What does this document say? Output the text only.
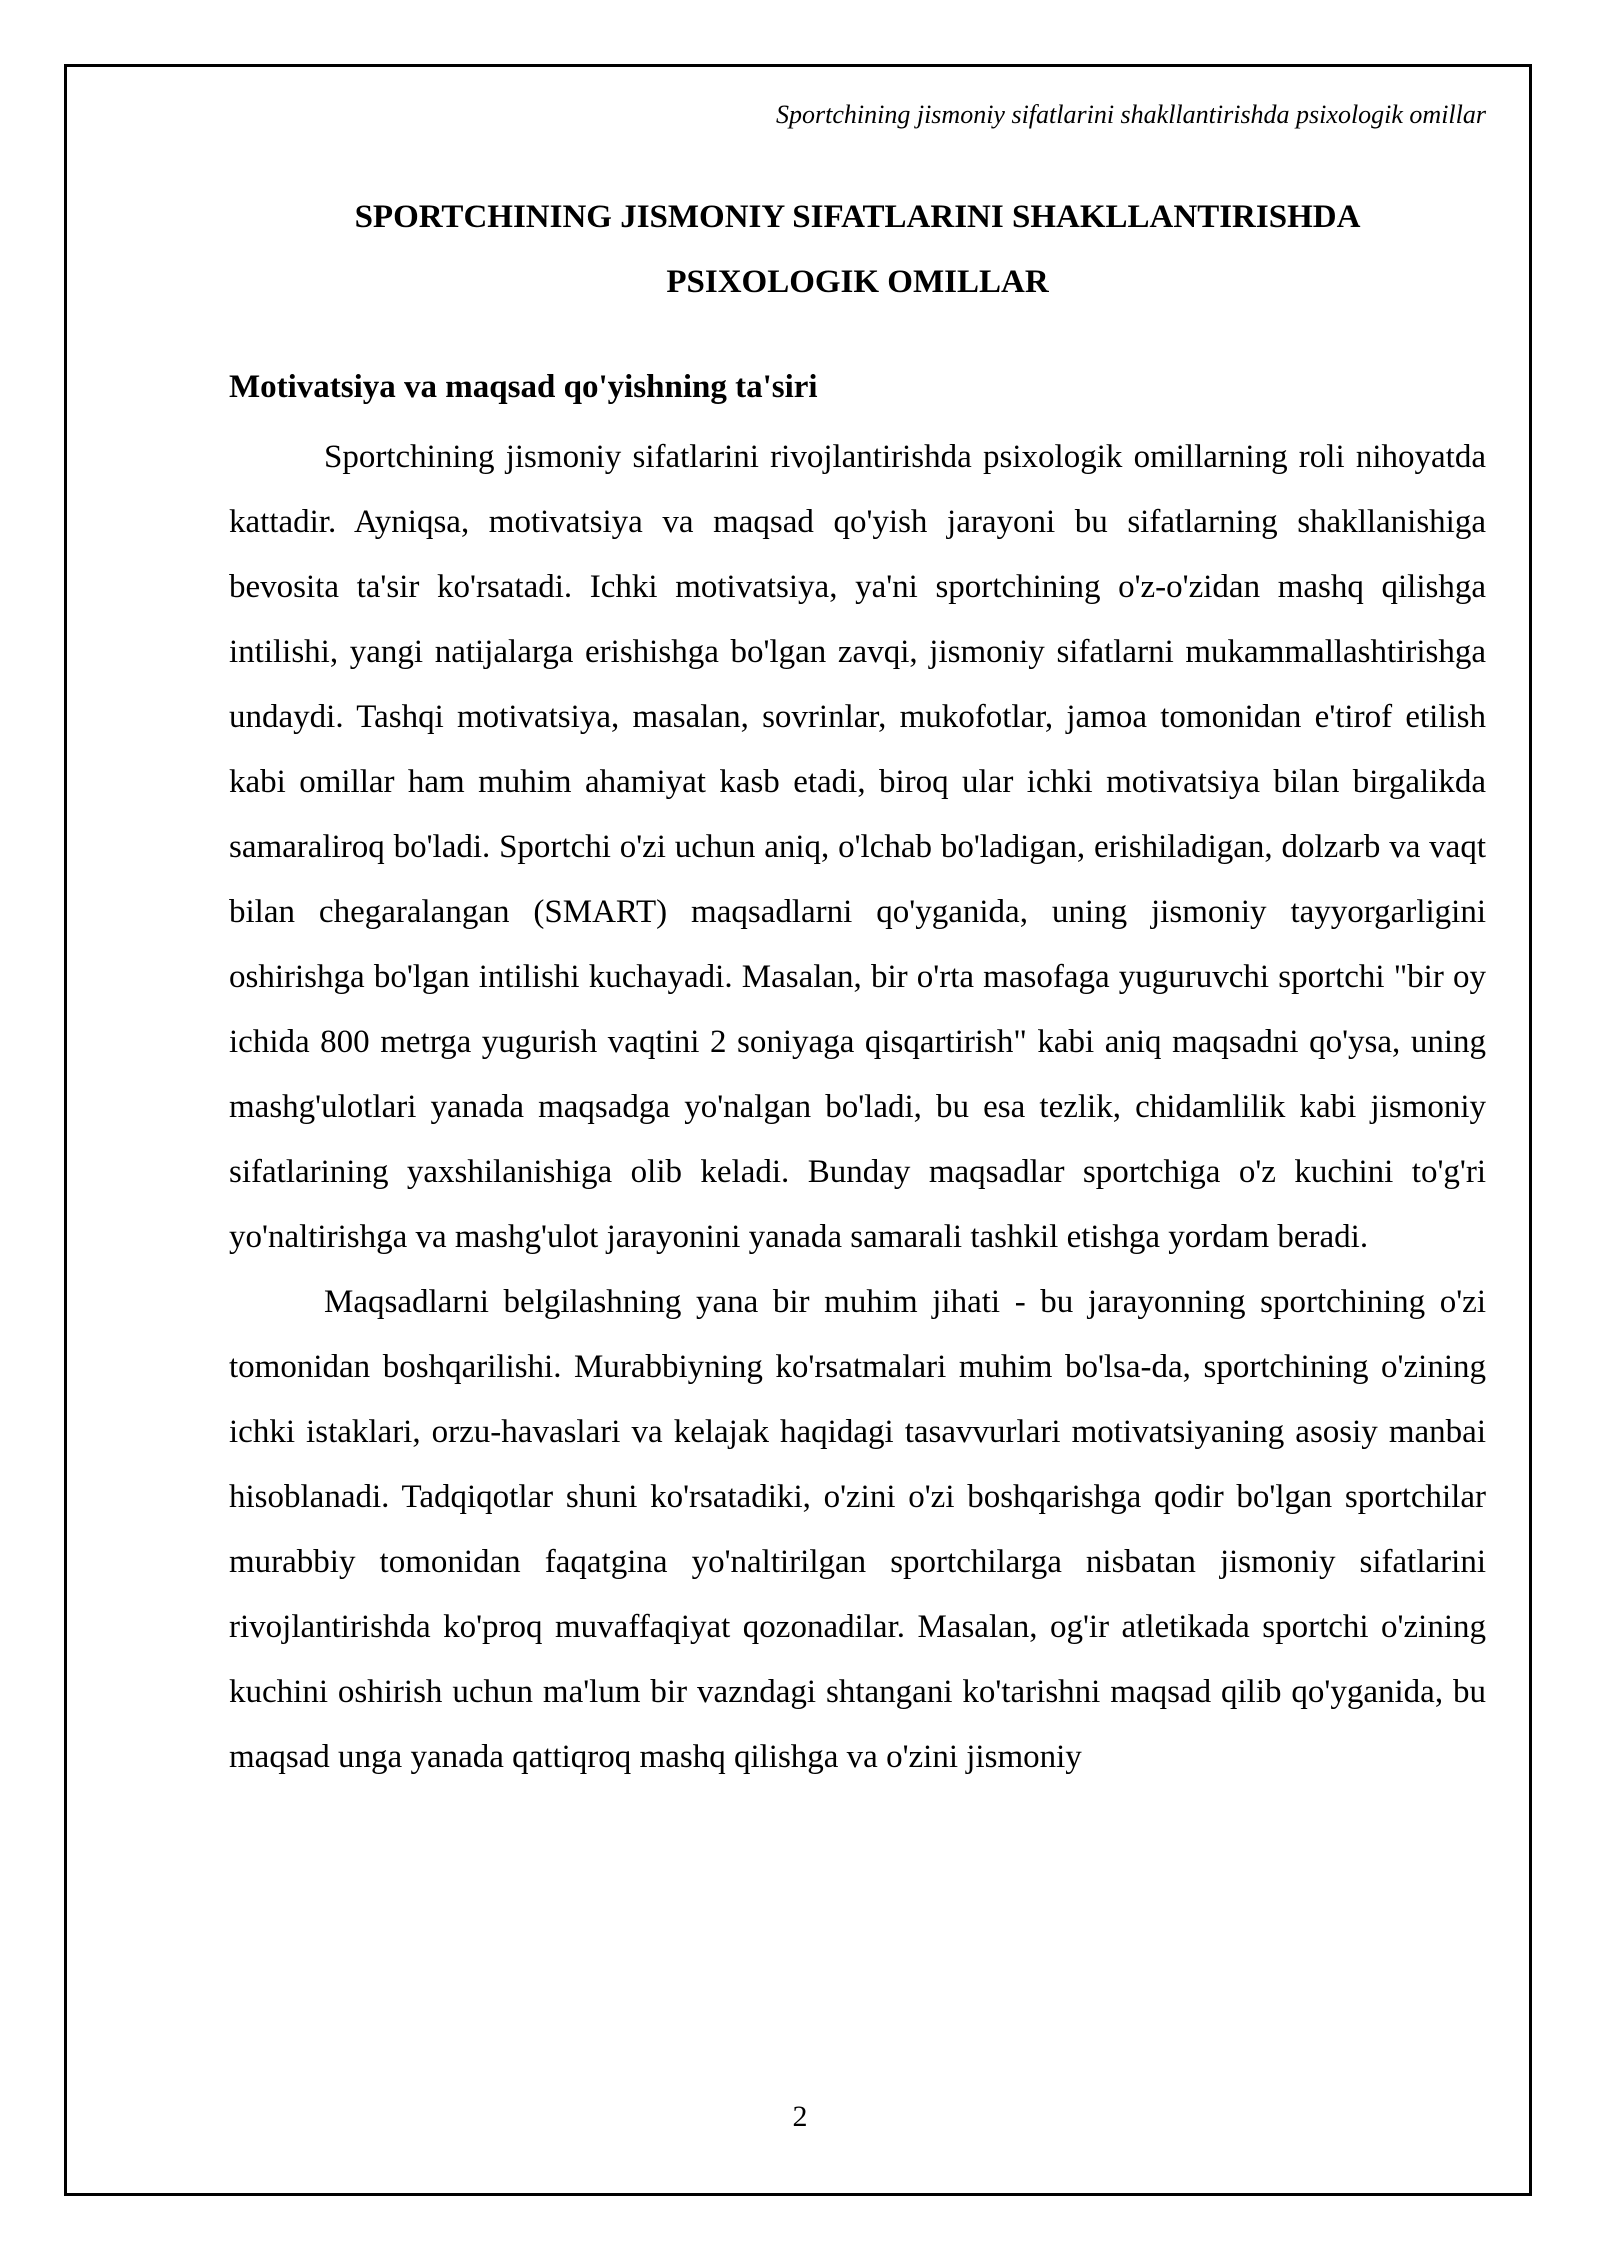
Sportchining jismoniy sifatlarini shakllantirishda psixologik omillar
SPORTCHINING JISMONIY SIFATLARINI SHAKLLANTIRISHDA
PSIXOLOGIK OMILLAR
Motivatsiya va maqsad qo'yishning ta'siri

Sportchining jismoniy sifatlarini rivojlantirishda psixologik omillarning roli nihoyatda kattadir. Ayniqsa, motivatsiya va maqsad qo'yish jarayoni bu sifatlarning shakllanishiga bevosita ta'sir ko'rsatadi. Ichki motivatsiya, ya'ni sportchining o'z-o'zidan mashq qilishga intilishi, yangi natijalarga erishishga bo'lgan zavqi, jismoniy sifatlarni mukammallashtirishga undaydi. Tashqi motivatsiya, masalan, sovrinlar, mukofotlar, jamoa tomonidan e'tirof etilish kabi omillar ham muhim ahamiyat kasb etadi, biroq ular ichki motivatsiya bilan birgalikda samaraliroq bo'ladi. Sportchi o'zi uchun aniq, o'lchab bo'ladigan, erishiladigan, dolzarb va vaqt bilan chegaralangan (SMART) maqsadlarni qo'yganida, uning jismoniy tayyorgarligini oshirishga bo'lgan intilishi kuchayadi. Masalan, bir o'rta masofaga yuguruvchi sportchi "bir oy ichida 800 metrga yugurish vaqtini 2 soniyaga qisqartirish" kabi aniq maqsadni qo'ysa, uning mashg'ulotlari yanada maqsadga yo'nalgan bo'ladi, bu esa tezlik, chidamlilik kabi jismoniy sifatlarining yaxshilanishiga olib keladi. Bunday maqsadlar sportchiga o'z kuchini to'g'ri yo'naltirishga va mashg'ulot jarayonini yanada samarali tashkil etishga yordam beradi.

Maqsadlarni belgilashning yana bir muhim jihati - bu jarayonning sportchining o'zi tomonidan boshqarilishi. Murabbiyning ko'rsatmalari muhim bo'lsa-da, sportchining o'zining ichki istaklari, orzu-havaslari va kelajak haqidagi tasavvurlari motivatsiyaning asosiy manbai hisoblanadi. Tadqiqotlar shuni ko'rsatadiki, o'zini o'zi boshqarishga qodir bo'lgan sportchilar murabbiy tomonidan faqatgina yo'naltirilgan sportchilarga nisbatan jismoniy sifatlarini rivojlantirishda ko'proq muvaffaqiyat qozonadilar. Masalan, og'ir atletikada sportchi o'zining kuchini oshirish uchun ma'lum bir vazndagi shtangani ko'tarishni maqsad qilib qo'yganida, bu maqsad unga yanada qattiqroq mashq qilishga va o'zini jismoniy

2
